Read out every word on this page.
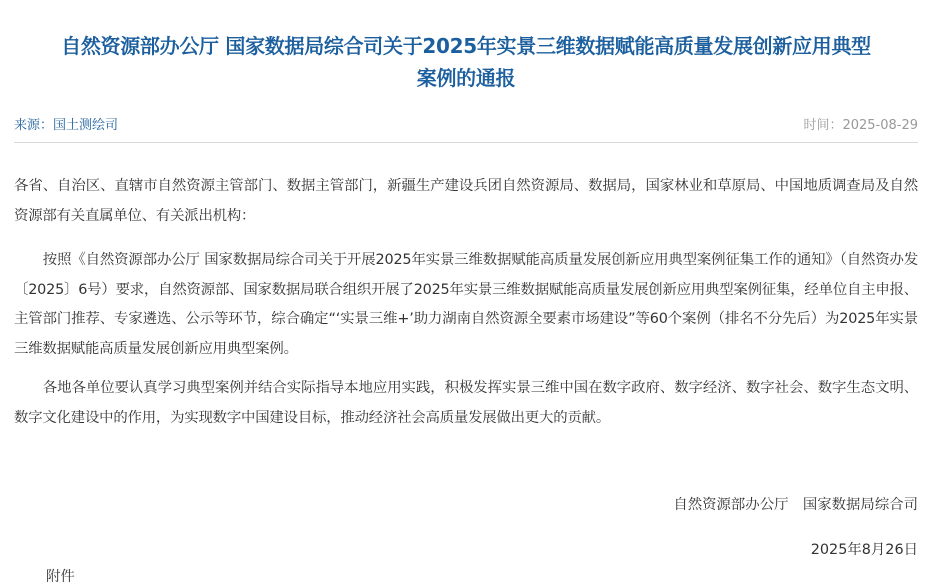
自然资源部办公厅 国家数据局综合司关于2025年实景三维数据赋能高质量发展创新应用典型
案例的通报
来源：国土测绘司	时间：2025-08-29
各省、自治区、直辖市自然资源主管部门、数据主管部门，新疆生产建设兵团自然资源局、数据局，国家林业和草原局、中国地质调查局及自然资源部有关直属单位、有关派出机构：
按照《自然资源部办公厅 国家数据局综合司关于开展2025年实景三维数据赋能高质量发展创新应用典型案例征集工作的通知》（自然资办发〔2025〕6号）要求，自然资源部、国家数据局联合组织开展了2025年实景三维数据赋能高质量发展创新应用典型案例征集，经单位自主申报、主管部门推荐、专家遴选、公示等环节，综合确定“‘实景三维+’助力湖南自然资源全要素市场建设”等60个案例（排名不分先后）为2025年实景三维数据赋能高质量发展创新应用典型案例。
各地各单位要认真学习典型案例并结合实际指导本地应用实践，积极发挥实景三维中国在数字政府、数字经济、数字社会、数字生态文明、数字文化建设中的作用，为实现数字中国建设目标，推动经济社会高质量发展做出更大的贡献。
自然资源部办公厅　国家数据局综合司
2025年8月26日
附件
